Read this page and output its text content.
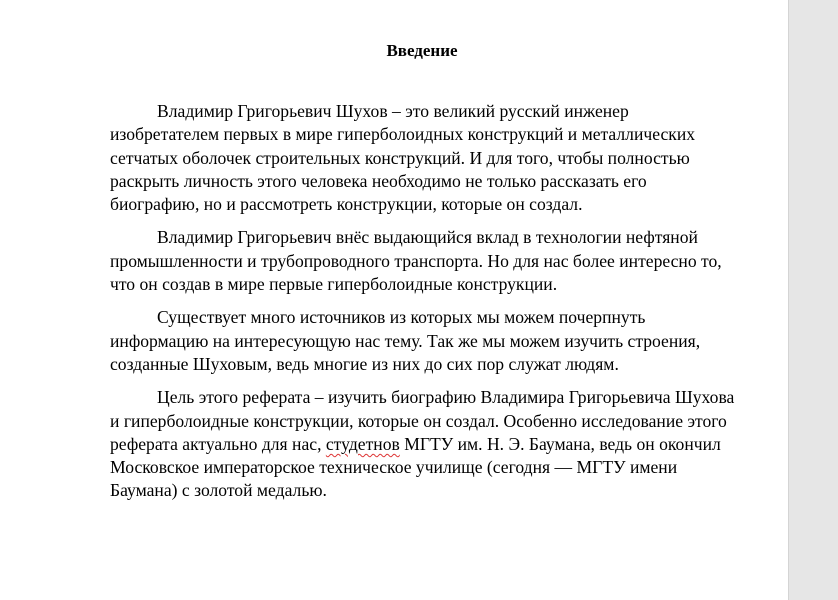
Введение

Владимир Григорьевич Шухов – это великий русский инженер изобретателем первых в мире гиперболоидных конструкций и металлических сетчатых оболочек строительных конструкций. И для того, чтобы полностью раскрыть личность этого человека необходимо не только рассказать его биографию, но и рассмотреть конструкции, которые он создал.

Владимир Григорьевич внёс выдающийся вклад в технологии нефтяной промышленности и трубопроводного транспорта. Но для нас более интересно то, что он создав в мире первые гиперболоидные конструкции.

Существует много источников из которых мы можем почерпнуть информацию на интересующую нас тему. Так же мы можем изучить строения, созданные Шуховым, ведь многие из них до сих пор служат людям.

Цель этого реферата – изучить биографию Владимира Григорьевича Шухова и гиперболоидные конструкции, которые он создал. Особенно исследование этого реферата актуально для нас, студетнов МГТУ им. Н. Э. Баумана, ведь он окончил Московское императорское техническое училище (сегодня — МГТУ имени Баумана) с золотой медалью.
